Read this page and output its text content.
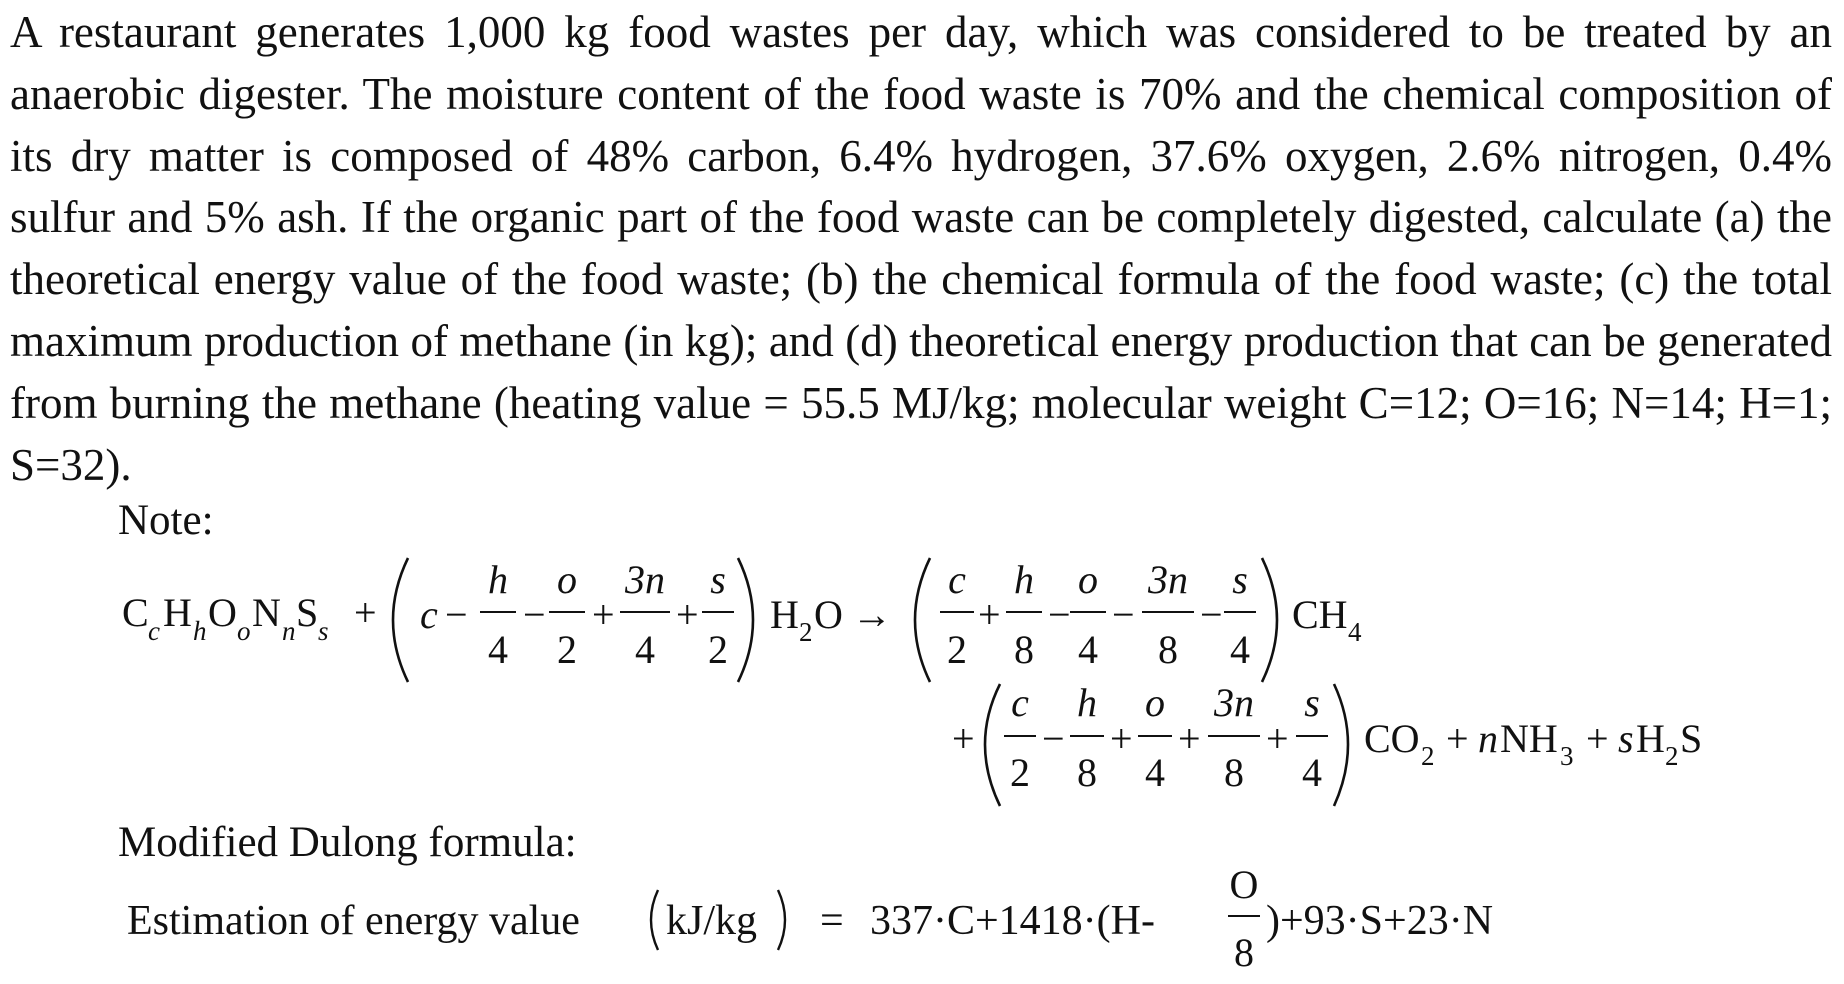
A restaurant generates 1,000 kg food wastes per day, which was considered to be treated by an anaerobic digester. The moisture content of the food waste is 70% and the chemical composition of its dry matter is composed of 48% carbon, 6.4% hydrogen, 37.6% oxygen, 2.6% nitrogen, 0.4% sulfur and 5% ash. If the organic part of the food waste can be completely digested, calculate (a) the theoretical energy value of the food waste; (b) the chemical formula of the food waste; (c) the total maximum production of methane (in kg); and (d) theoretical energy production that can be generated from burning the methane (heating value = 55.5 MJ/kg; molecular weight C=12; O=16; N=14; H=1; S=32).

Note:
C c H h O o N n S s + c −
h
4
−
o
2
+
3n
4
+
s
2
H 2 O →
c
2
+
h
8
−
o
4
−
3n
8
−
s
4
CH 4
+
c
2
−
h
8
+
o
4
+
3n
8
+
s
4
CO 2 + n NH 3 + s H 2 S
Estimation of energy value kJ/kg = 337·C+1418·(H-
O
8
)+93·S+23·N
Modified Dulong formula:
